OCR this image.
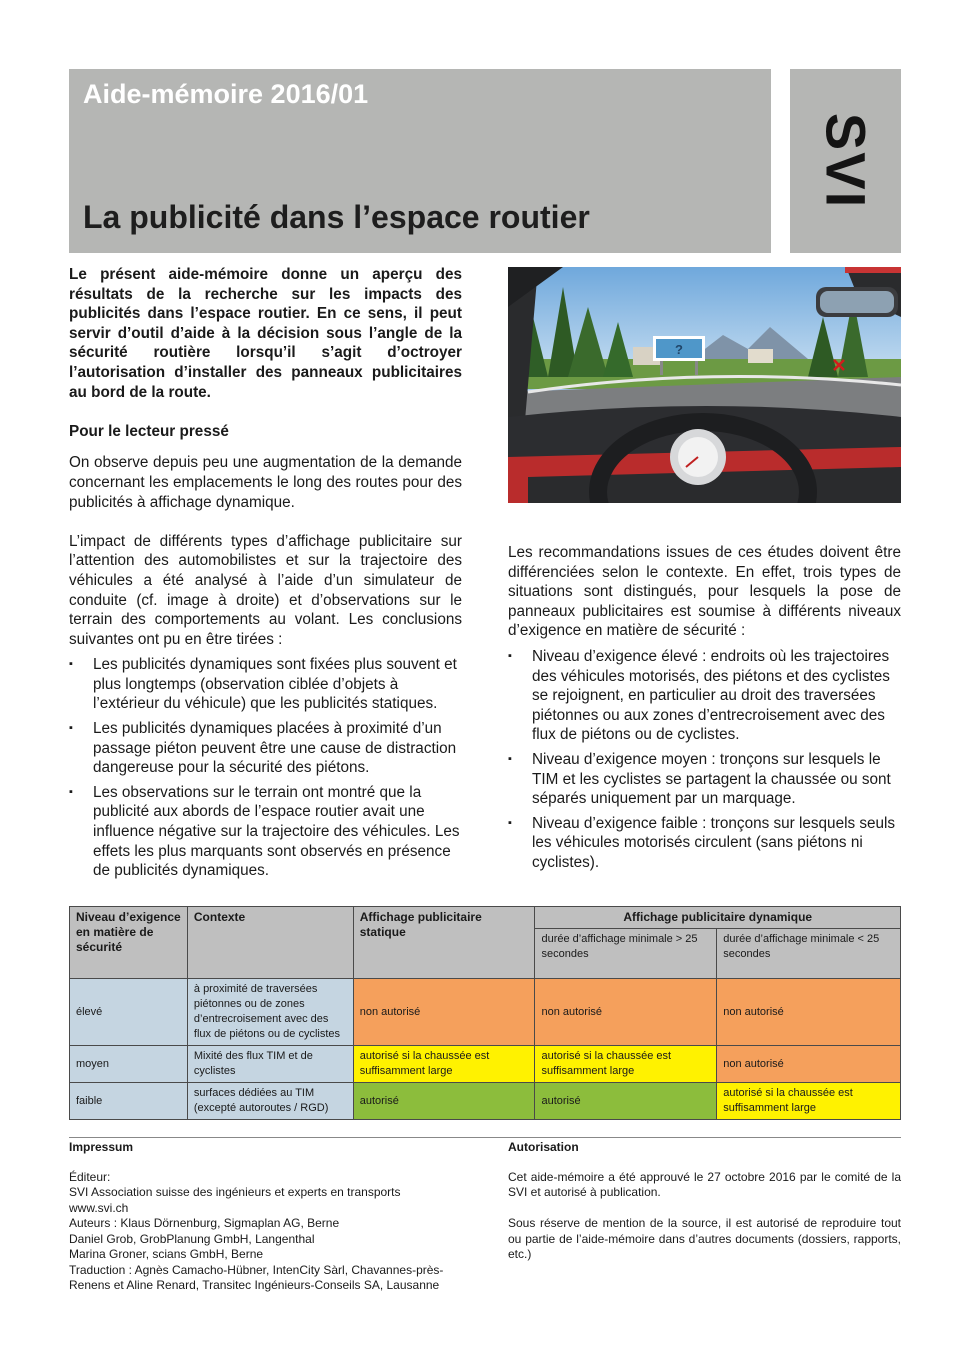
Aide-mémoire 2016/01
La publicité dans l’espace routier
SVI

Le présent aide-mémoire donne un aperçu des résultats de la recherche sur les impacts des publicités dans l’espace routier. En ce sens, il peut servir d’outil d’aide à la décision sous l’angle de la sécurité routière lorsqu’il s’agit d’octroyer l’autorisation d’installer des panneaux publicitaires au bord de la route.

Pour le lecteur pressé

On observe depuis peu une augmentation de la demande concernant les emplacements le long des routes pour des publicités à affichage dynamique.

L’impact de différents types d’affichage publicitaire sur l’attention des automobilistes et sur la trajectoire des véhicules a été analysé à l’aide d’un simulateur de conduite (cf. image à droite) et d’observations sur le terrain des comportements au volant. Les conclusions suivantes ont pu en être tirées :

▪ Les publicités dynamiques sont fixées plus souvent et plus longtemps (observation ciblée d’objets à l’extérieur du véhicule) que les publicités statiques.
▪ Les publicités dynamiques placées à proximité d’un passage piéton peuvent être une cause de distraction dangereuse pour la sécurité des piétons.
▪ Les observations sur le terrain ont montré que la publicité aux abords de l’espace routier avait une influence négative sur la trajectoire des véhicules. Les effets les plus marquants sont observés en présence de publicités dynamiques.
?

Les recommandations issues de ces études doivent être différenciées selon le contexte. En effet, trois types de situations sont distingués, pour lesquels la pose de panneaux publicitaires est soumise à différents niveaux d’exigence en matière de sécurité :

▪ Niveau d’exigence élevé : endroits où les trajectoires des véhicules motorisés, des piétons et des cyclistes se rejoignent, en particulier au droit des traversées piétonnes ou aux zones d’entrecroisement avec des flux de piétons ou de cyclistes.
▪ Niveau d’exigence moyen : tronçons sur lesquels le TIM et les cyclistes se partagent la chaussée ou sont séparés uniquement par un marquage.
▪ Niveau d’exigence faible : tronçons sur lesquels seuls les véhicules motorisés circulent (sans piétons ni cyclistes).
Niveau d’exigence en matière de sécurité	Contexte	Affichage publicitaire statique	Affichage publicitaire dynamique	
			durée d’affichage minimale > 25 secondes	durée d’affichage minimale < 25 secondes
élevé	à proximité de traversées piétonnes ou de zones d’entrecroisement avec des flux de piétons ou de cyclistes	non autorisé	non autorisé	non autorisé
moyen	Mixité des flux TIM et de cyclistes	autorisé si la chaussée est suffisamment large	autorisé si la chaussée est suffisamment large	non autorisé
faible	surfaces dédiées au TIM (excepté autoroutes / RGD)	autorisé	autorisé	autorisé si la chaussée est suffisamment large
Impressum
Éditeur:
SVI Association suisse des ingénieurs et experts en transports
www.svi.ch
Auteurs : Klaus Dörnenburg, Sigmaplan AG, Berne
Daniel Grob, GrobPlanung GmbH, Langenthal
Marina Groner, scians GmbH, Berne
Traduction : Agnès Camacho-Hübner, IntenCity Sàrl, Chavannes-près-Renens et Aline Renard, Transitec Ingénieurs-Conseils SA, Lausanne
Autorisation

Cet aide-mémoire a été approuvé le 27 octobre 2016 par le comité de la SVI et autorisé à publication.

Sous réserve de mention de la source, il est autorisé de reproduire tout ou partie de l’aide-mémoire dans d’autres documents (dossiers, rapports, etc.)
